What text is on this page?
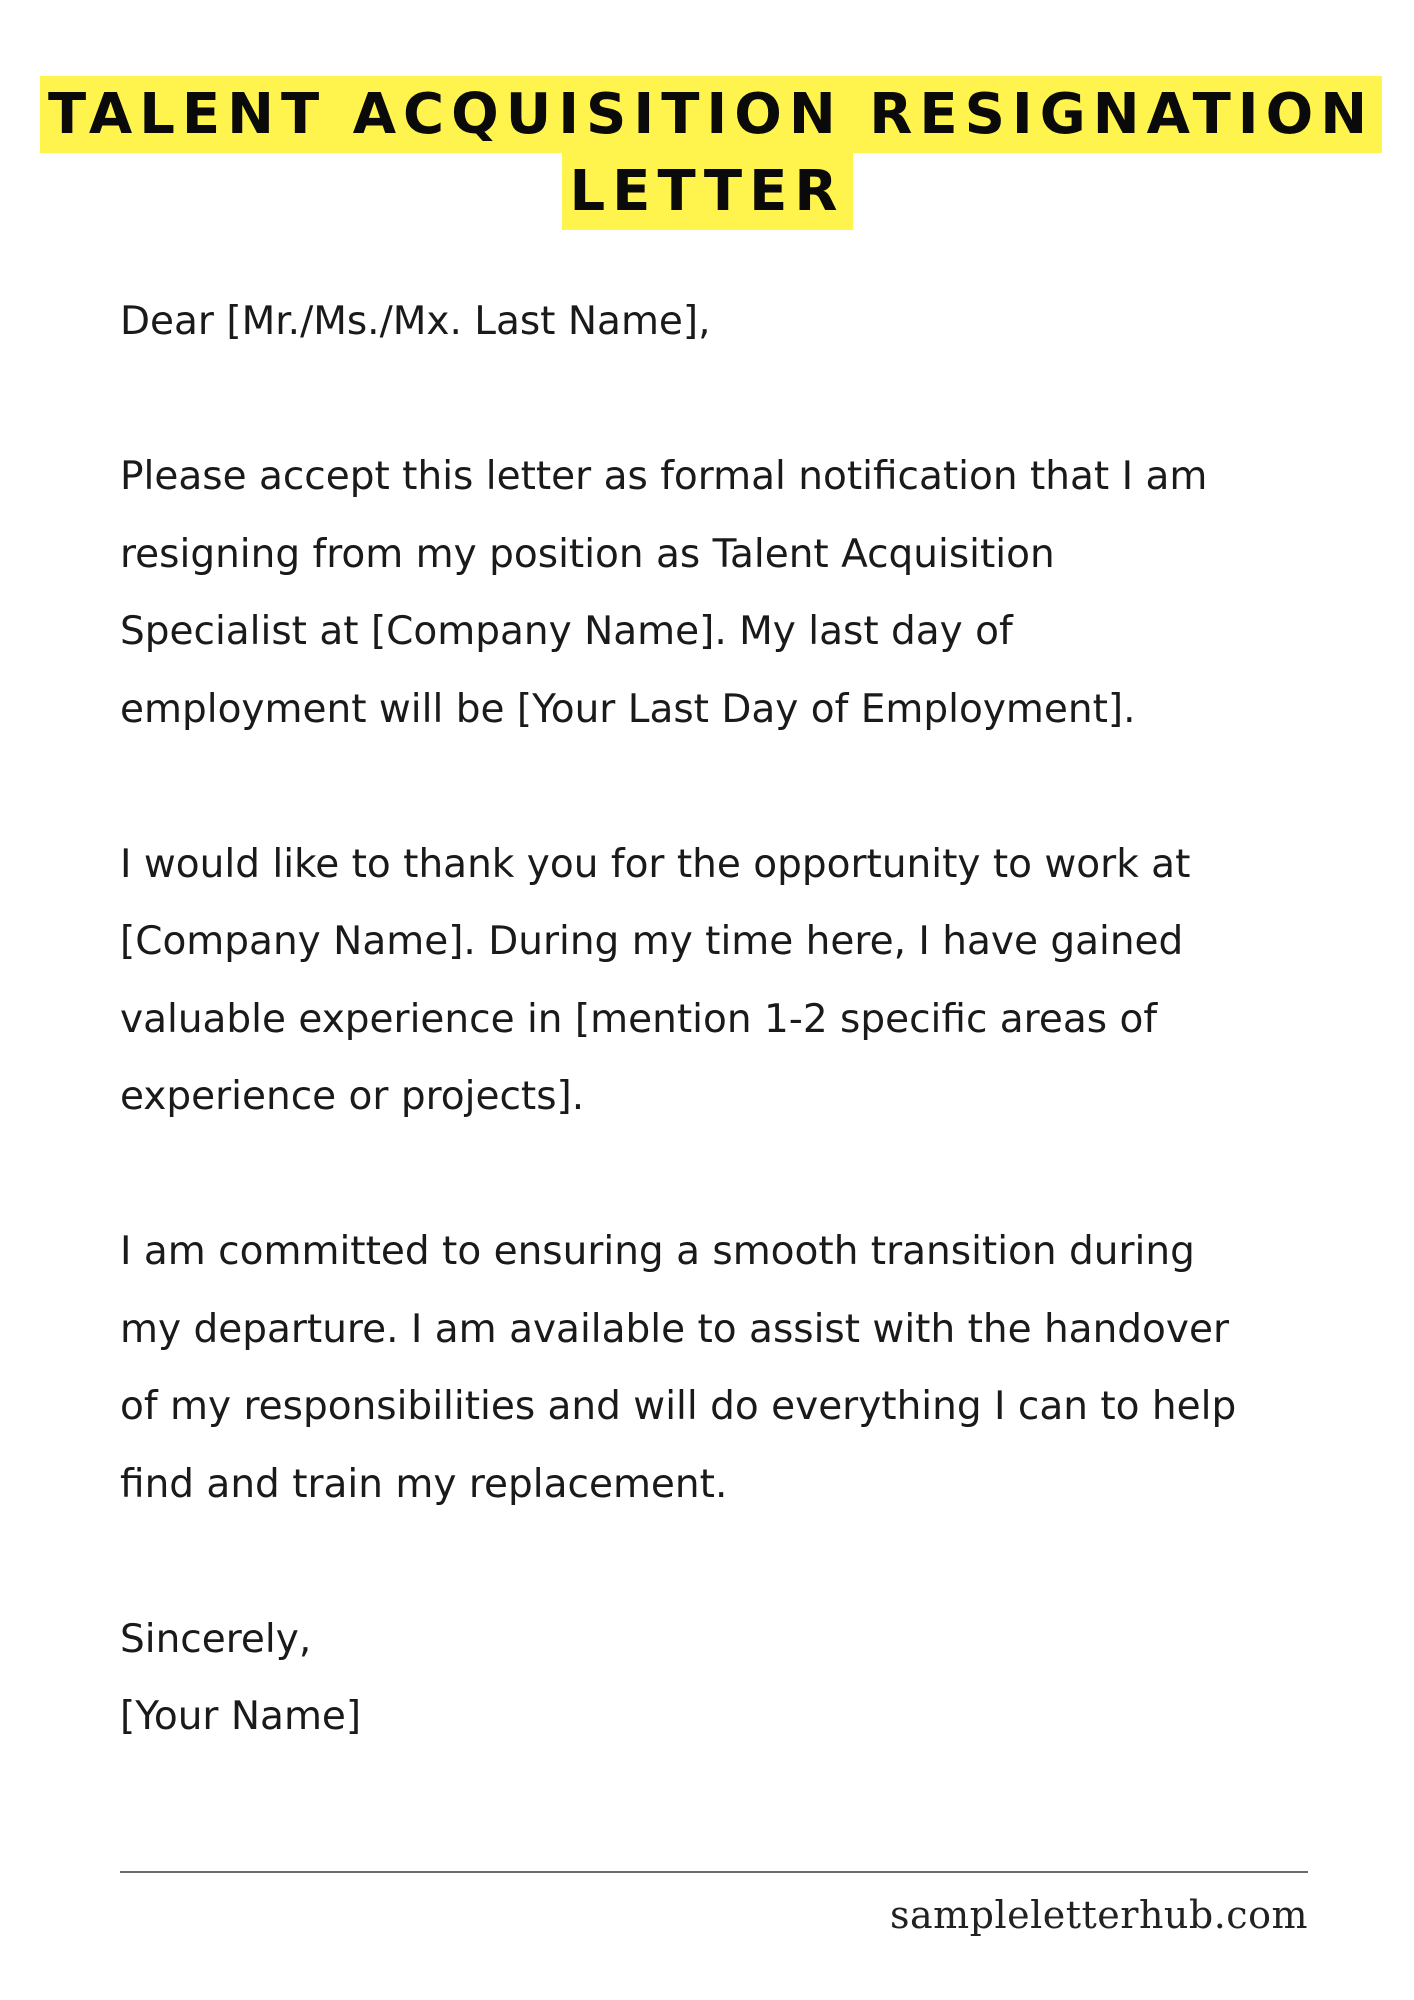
TALENT ACQUISITION RESIGNATION
LETTER
Dear [Mr./Ms./Mx. Last Name],
Please accept this letter as formal notification that I am
resigning from my position as Talent Acquisition
Specialist at [Company Name]. My last day of
employment will be [Your Last Day of Employment].
I would like to thank you for the opportunity to work at
[Company Name]. During my time here, I have gained
valuable experience in [mention 1-2 specific areas of
experience or projects].
I am committed to ensuring a smooth transition during
my departure. I am available to assist with the handover
of my responsibilities and will do everything I can to help
find and train my replacement.
Sincerely,
[Your Name]
sampleletterhub.com
